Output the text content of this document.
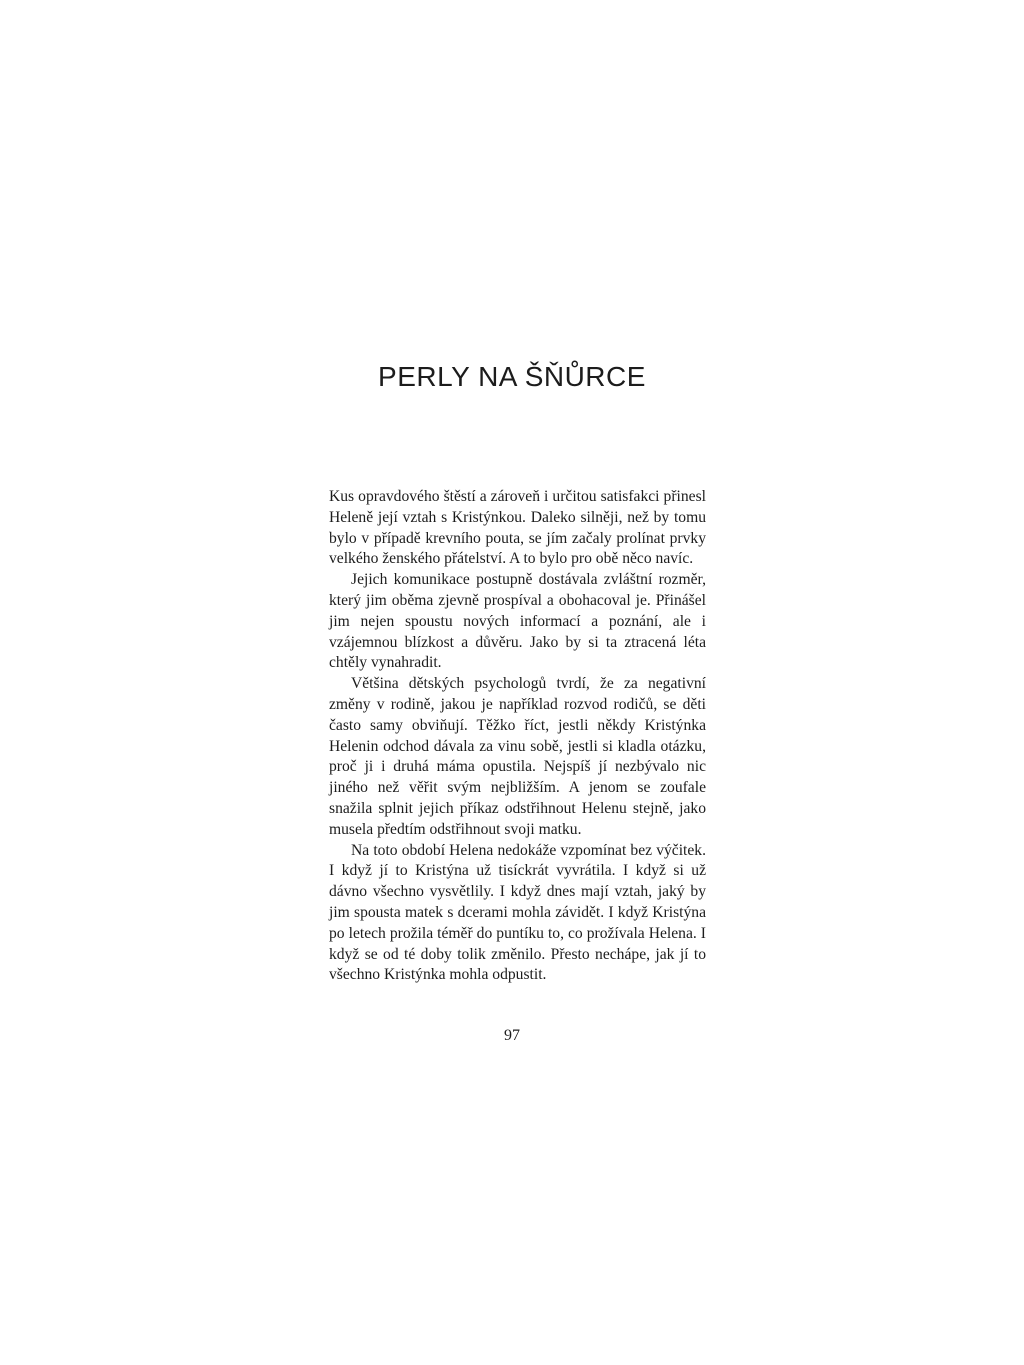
PERLY NA ŠŇŮRCE

Kus opravdového štěstí a zároveň i určitou satisfakci přinesl Heleně její vztah s Kristýnkou. Daleko silněji, než by tomu bylo v případě krevního pouta, se jím začaly prolínat prvky velkého ženského přátelství. A to bylo pro obě něco navíc.

Jejich komunikace postupně dostávala zvláštní rozměr, který jim oběma zjevně prospíval a obohacoval je. Přinášel jim nejen spoustu nových informací a poznání, ale i vzájemnou blízkost a důvěru. Jako by si ta ztracená léta chtěly vynahradit.

Většina dětských psychologů tvrdí, že za negativní změny v rodině, jakou je například rozvod rodičů, se děti často samy obviňují. Těžko říct, jestli někdy Kristýnka Helenin odchod dávala za vinu sobě, jestli si kladla otázku, proč ji i druhá máma opustila. Nejspíš jí nezbývalo nic jiného než věřit svým nejbližším. A jenom se zoufale snažila splnit jejich příkaz odstřihnout Helenu stejně, jako musela předtím odstřihnout svoji matku.

Na toto období Helena nedokáže vzpomínat bez výčitek. I když jí to Kristýna už tisíckrát vyvrátila. I když si už dávno všechno vysvětlily. I když dnes mají vztah, jaký by jim spousta matek s dcerami mohla závidět. I když Kristýna po letech prožila téměř do puntíku to, co prožívala Helena. I když se od té doby tolik změnilo. Přesto nechápe, jak jí to všechno Kristýnka mohla odpustit.

97
